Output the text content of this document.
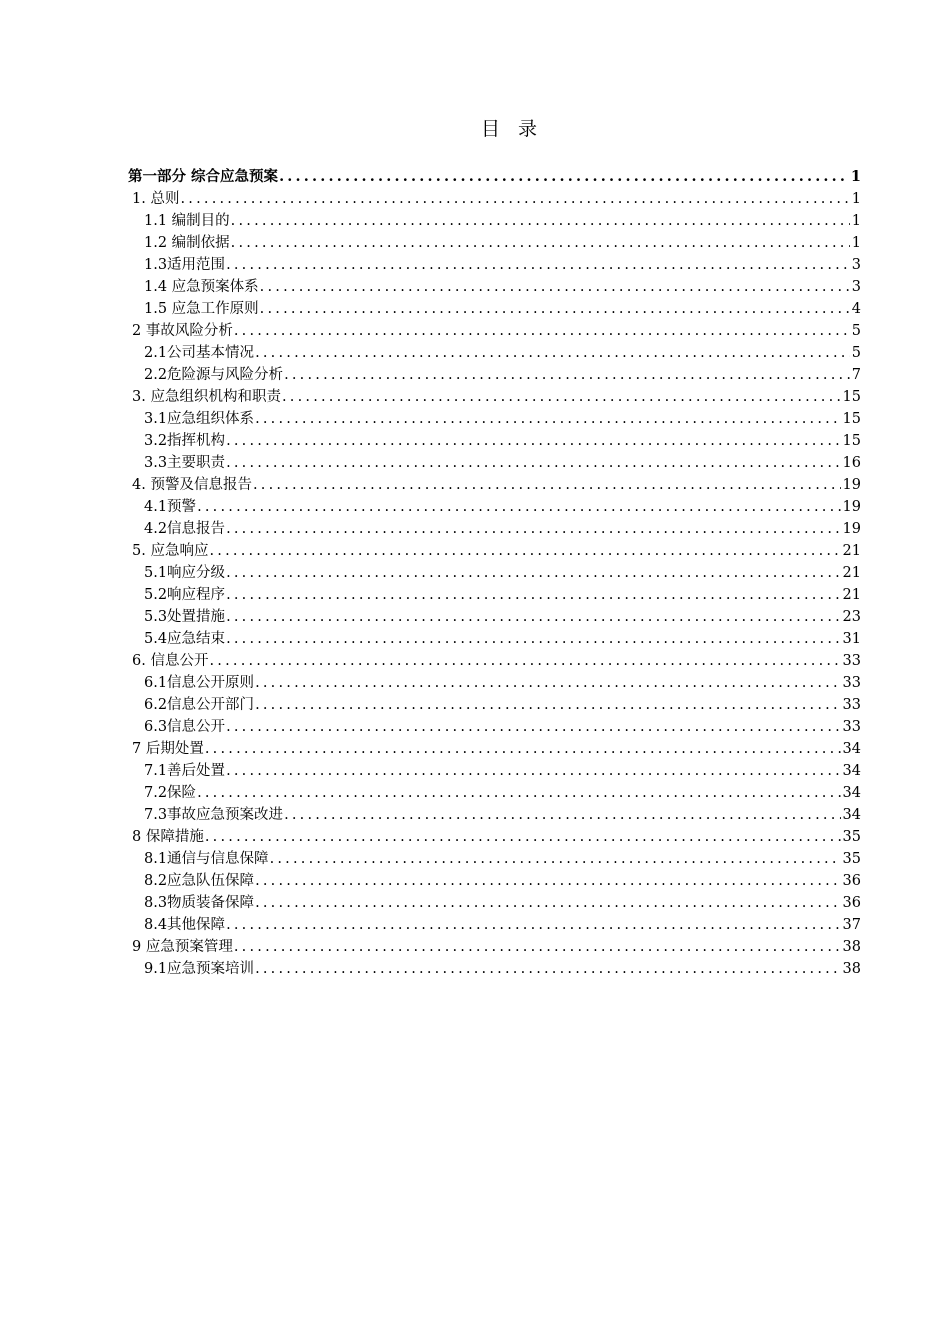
目录
第一部分 综合应急预案 .....	1
1. 总则 .....	1
1.1 编制目的 .....	1
1.2 编制依据 .....	1
1.3适用范围 .....	3
1.4 应急预案体系 .....	3
1.5 应急工作原则 .....	4
2 事故风险分析 .....	5
2.1公司基本情况 .....	5
2.2危险源与风险分析 .....	7
3. 应急组织机构和职责 .....	15
3.1应急组织体系 .....	15
3.2指挥机构 .....	15
3.3主要职责 .....	16
4. 预警及信息报告 .....	19
4.1预警 .....	19
4.2信息报告 .....	19
5. 应急响应 .....	21
5.1响应分级 .....	21
5.2响应程序 .....	21
5.3处置措施 .....	23
5.4应急结束 .....	31
6. 信息公开 .....	33
6.1信息公开原则 .....	33
6.2信息公开部门 .....	33
6.3信息公开 .....	33
7 后期处置 .....	34
7.1善后处置 .....	34
7.2保险 .....	34
7.3事故应急预案改进 .....	34
8 保障措施 .....	35
8.1通信与信息保障 .....	35
8.2应急队伍保障 .....	36
8.3物质装备保障 .....	36
8.4其他保障 .....	37
9 应急预案管理 .....	38
9.1应急预案培训 .....	38
